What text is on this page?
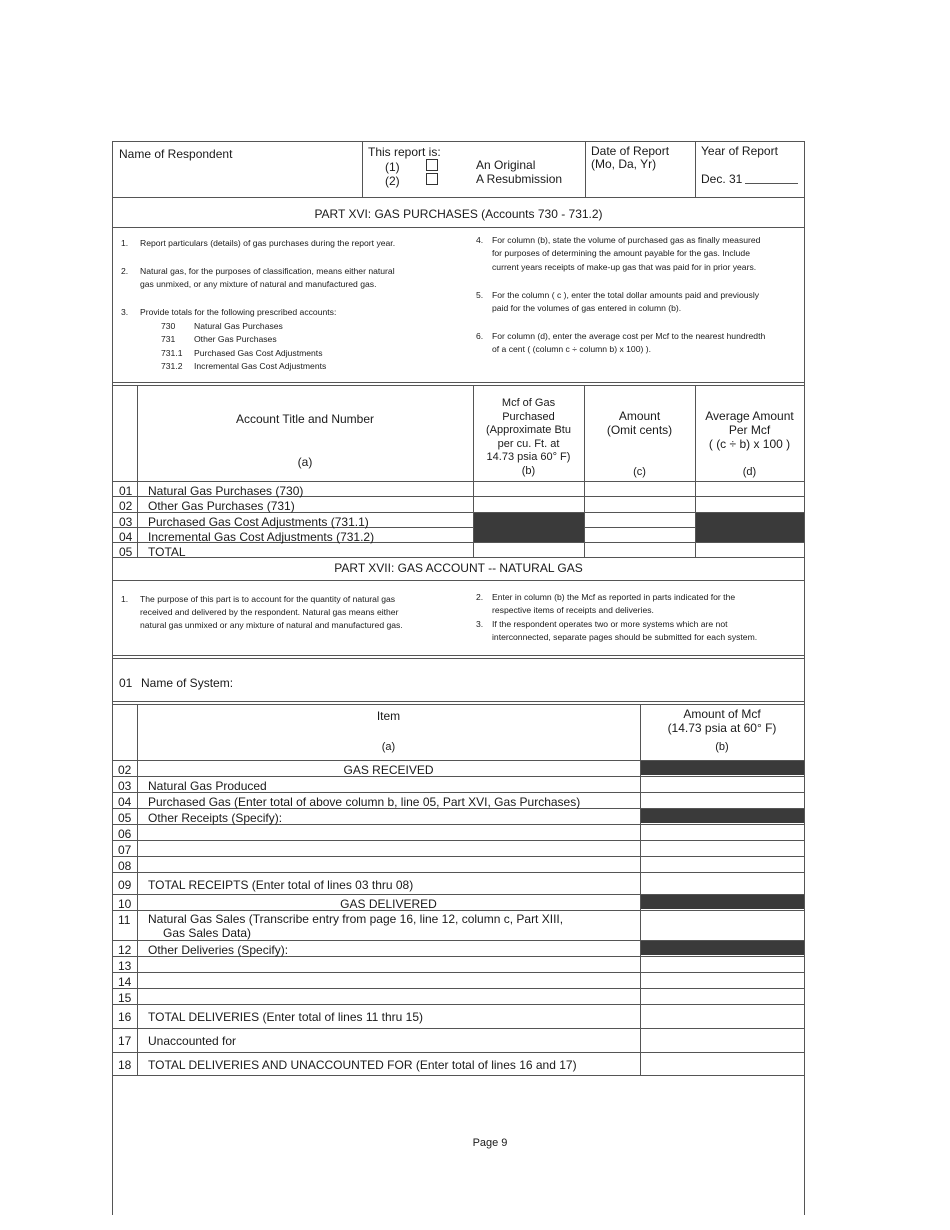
Name of Respondent	This report is:
(1)	An Original
(2)	A Resubmission
Date of Report
(Mo, Da, Yr)
Year of Report
Dec. 31
PART XVI: GAS PURCHASES (Accounts 730 - 731.2)
1. Report particulars (details) of gas purchases during the report year.
2. Natural gas, for the purposes of classification, means either natural
gas unmixed, or any mixture of natural and manufactured gas.
3. Provide totals for the following prescribed accounts:
730 Natural Gas Purchases
731 Other Gas Purchases
731.1 Purchased Gas Cost Adjustments
731.2 Incremental Gas Cost Adjustments
4. For column (b), state the volume of purchased gas as finally measured
for purposes of determining the amount payable for the gas. Include
current years receipts of make-up gas that was paid for in prior years.
5. For the column ( c ), enter the total dollar amounts paid and previously
paid for the volumes of gas entered in column (b).
6. For column (d), enter the average cost per Mcf to the nearest hundredth
of a cent ( (column c ÷ column b) x 100) ).
Account Title and Number
(a)
Mcf of Gas
Purchased
(Approximate Btu
per cu. Ft. at
14.73 psia 60° F)
(b)
Amount
(Omit cents)
(c)
Average Amount
Per Mcf
( (c ÷ b) x 100 )
(d)
01 Natural Gas Purchases (730)
02 Other Gas Purchases (731)
03 Purchased Gas Cost Adjustments (731.1)
04 Incremental Gas Cost Adjustments (731.2)
05 TOTAL
PART XVII: GAS ACCOUNT -- NATURAL GAS
1. The purpose of this part is to account for the quantity of natural gas
received and delivered by the respondent. Natural gas means either
natural gas unmixed or any mixture of natural and manufactured gas.
2. Enter in column (b) the Mcf as reported in parts indicated for the
respective items of receipts and deliveries.
3. If the respondent operates two or more systems which are not
interconnected, separate pages should be submitted for each system.
01 Name of System:
Item
(a)
Amount of Mcf
(14.73 psia at 60° F)
(b)
02	GAS RECEIVED
03 Natural Gas Produced
04 Purchased Gas (Enter total of above column b, line 05, Part XVI, Gas Purchases)
05 Other Receipts (Specify):
06
07
08
09 TOTAL RECEIPTS (Enter total of lines 03 thru 08)
10	GAS DELIVERED
11 Natural Gas Sales (Transcribe entry from page 16, line 12, column c, Part XIII,
Gas Sales Data)
12 Other Deliveries (Specify):
13
14
15
16 TOTAL DELIVERIES (Enter total of lines 11 thru 15)
17 Unaccounted for
18 TOTAL DELIVERIES AND UNACCOUNTED FOR (Enter total of lines 16 and 17)
Page 9
